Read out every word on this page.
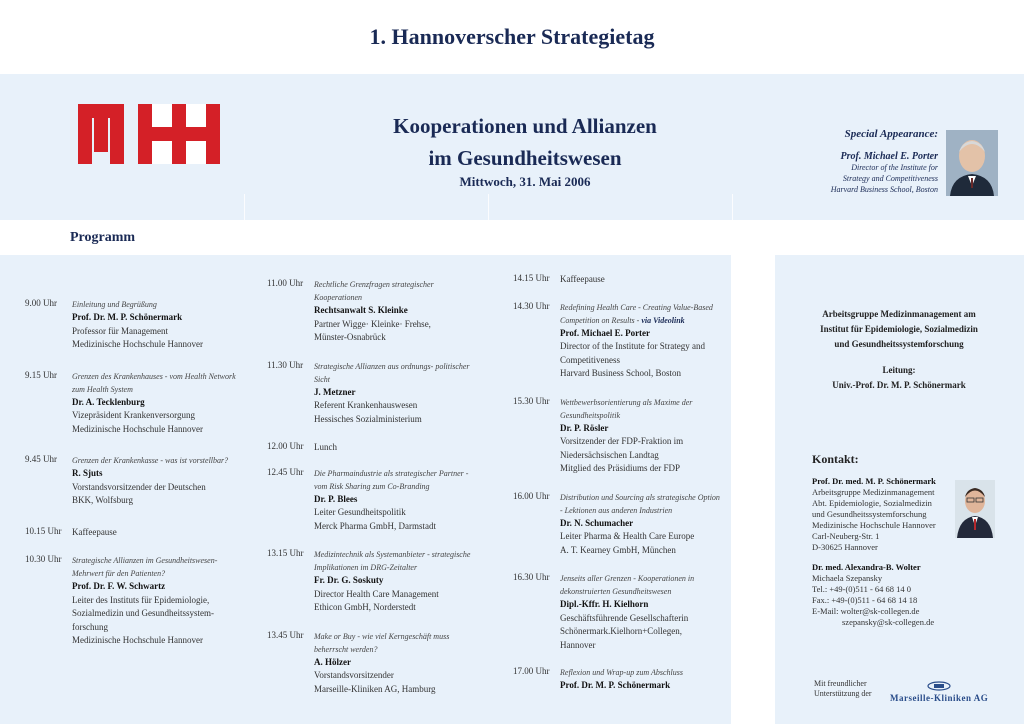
1. Hannoverscher Strategietag
Kooperationen und Allianzen
im Gesundheitswesen
Mittwoch, 31. Mai 2006
Special Appearance:
Prof. Michael E. Porter
Director of the Institute for
Strategy and Competitiveness
Harvard Business School, Boston
Programm
9.00 Uhr Einleitung und Begrüßung
Prof. Dr. M. P. Schönermark
Professor für Management
Medizinische Hochschule Hannover
9.15 Uhr Grenzen des Krankenhauses - vom Health Network zum Health System
Dr. A. Tecklenburg
Vizepräsident Krankenversorgung
Medizinische Hochschule Hannover
9.45 Uhr Grenzen der Krankenkasse - was ist vorstellbar?
R. Sjuts
Vorstandsvorsitzender der Deutschen
BKK, Wolfsburg
10.15 Uhr Kaffeepause
10.30 Uhr Strategische Allianzen im Gesundheitswesen- Mehrwert für den Patienten?
Prof. Dr. F. W. Schwartz
Leiter des Instituts für Epidemiologie,
Sozialmedizin und Gesundheitssystem-
forschung
Medizinische Hochschule Hannover
11.00 Uhr Rechtliche Grenzfragen strategischer Kooperationen
Rechtsanwalt S. Kleinke
Partner Wigge· Kleinke· Frehse,
Münster-Osnabrück
11.30 Uhr Strategische Allianzen aus ordnungs- politischer Sicht
J. Metzner
Referent Krankenhauswesen
Hessisches Sozialministerium
12.00 Uhr Lunch
12.45 Uhr Die Pharmaindustrie als strategischer Partner - vom Risk Sharing zum Co-Branding
Dr. P. Blees
Leiter Gesundheitspolitik
Merck Pharma GmbH, Darmstadt
13.15 Uhr Medizintechnik als Systemanbieter - strategische Implikationen im DRG-Zeitalter
Fr. Dr. G. Soskuty
Director Health Care Management
Ethicon GmbH, Norderstedt
13.45 Uhr Make or Buy - wie viel Kerngeschäft muss beherrscht werden?
A. Hölzer
Vorstandsvorsitzender
Marseille-Kliniken AG, Hamburg
14.15 Uhr Kaffeepause
14.30 Uhr Redefining Health Care - Creating Value-Based Competition on Results - via Videolink
Prof. Michael E. Porter
Director of the Institute for Strategy and
Competitiveness
Harvard Business School, Boston
15.30 Uhr Wettbewerbsorientierung als Maxime der Gesundheitspolitik
Dr. P. Rösler
Vorsitzender der FDP-Fraktion im
Niedersächsischen Landtag
Mitglied des Präsidiums der FDP
16.00 Uhr Distribution und Sourcing als strategische Option - Lektionen aus anderen Industrien
Dr. N. Schumacher
Leiter Pharma & Health Care Europe
A. T. Kearney GmbH, München
16.30 Uhr Jenseits aller Grenzen - Kooperationen in dekonstruierten Gesundheitswesen
Dipl.-Kffr. H. Kielhorn
Geschäftsführende Gesellschafterin
Schönermark.Kielhorn+Collegen,
Hannover
17.00 Uhr Reflexion und Wrap-up zum Abschluss
Prof. Dr. M. P. Schönermark
Arbeitsgruppe Medizinmanagement am
Institut für Epidemiologie, Sozialmedizin
und Gesundheitssystemforschung
Leitung:
Univ.-Prof. Dr. M. P. Schönermark
Kontakt:
Prof. Dr. med. M. P. Schönermark
Arbeitsgruppe Medizinmanagement
Abt. Epidemiologie, Sozialmedizin
und Gesundheitssystemforschung
Medizinische Hochschule Hannover
Carl-Neuberg-Str. 1
D-30625 Hannover
Dr. med. Alexandra-B. Wolter
Michaela Szepansky
Tel.: +49-(0)511 - 64 68 14 0
Fax.: +49-(0)511 - 64 68 14 18
E-Mail: wolter@sk-collegen.de
szepansky@sk-collegen.de
Mit freundlicher
Unterstützung der Marseille-Kliniken AG
